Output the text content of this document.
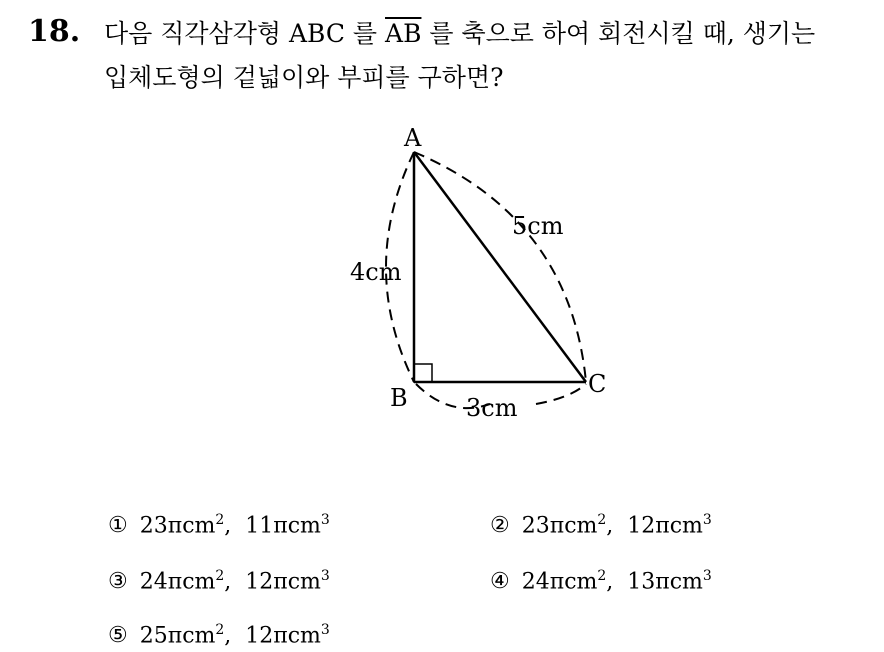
18. 다음 직각삼각형 ABC 를 $\overline{AB}$ 를 축으로 하여 회전시킬 때, 생기는
입체도형의 겉넓이와 부피를 구하면?
A
B	C
4cm
5cm
3cm
① 23πcm$^2$,  11πcm$^3$	② 23πcm$^2$,  12πcm$^3$
③ 24πcm$^2$,  12πcm$^3$	④ 24πcm$^2$,  13πcm$^3$
⑤ 25πcm$^2$,  12πcm$^3$
